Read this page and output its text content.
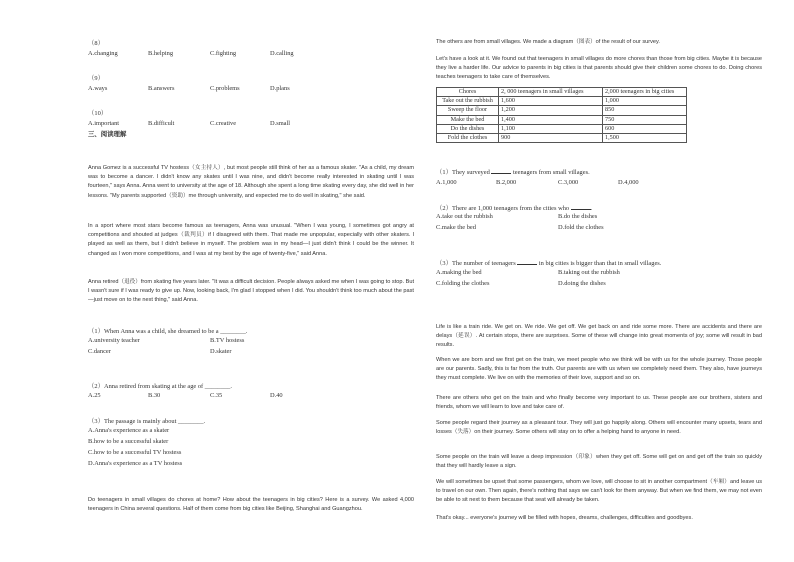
（8）
A.changing	B.helping	C.fighting	D.calling
（9）
A.ways	B.answers	C.problems	D.plans
（10）
A.important	B.difficult	C.creative	D.small
三、阅读理解
Anna Gomez is a successful TV hostess（女主持人）, but most people still think of her as a famous skater. "As a child, my dream was to become a dancer. I didn't know any skates until I was nine, and didn't become really interested in skating until I was fourteen," says Anna. Anna went to university at the age of 18. Although she spent a long time skating every day, she did well in her lessons. "My parents supported（资助）me through university, and expected me to do well in skating," she said.
In a sport where most stars become famous as teenagers, Anna was unusual. "When I was young, I sometimes got angry at competitions and shouted at judges（裁判员）if I disagreed with them. That made me unpopular, especially with other skaters. I played as well as them, but I didn't believe in myself. The problem was in my head—I just didn't think I could be the winner. It changed as I won more competitions, and I was at my best by the age of twenty-five," said Anna.
Anna retired（退役）from skating five years later. "It was a difficult decision. People always asked me when I was going to stop. But I wasn't sure if I was ready to give up. Now, looking back, I'm glad I stopped when I did. You shouldn't think too much about the past—just move on to the next thing," said Anna.
（1）When Anna was a child, she dreamed to be a ________.
A.university teacher	B.TV hostess
C.dancer	D.skater
（2）Anna retired from skating at the age of ________.
A.25	B.30	C.35	D.40
（3）The passage is mainly about ________.
A.Anna's experience as a skater
B.how to be a successful skater
C.how to be a successful TV hostess
D.Anna's experience as a TV hostess
Do teenagers in small villages do chores at home? How about the teenagers in big cities? Here is a survey. We asked 4,000 teenagers in China several questions. Half of them come from big cities like Beijing, Shanghai and Guangzhou.
The others are from small villages. We made a diagram（图表）of the result of our survey.
Let's have a look at it. We found out that teenagers in small villages do more chores than those from big cities. Maybe it is because they live a harder life. Our advice to parents in big cities is that parents should give their children some chores to do. Doing chores teaches teenagers to take care of themselves.
Chores	2, 000 teenagers in small villages	2,000 teenagers in big cities
Take out the rubbish	1,600	1,000
Sweep the floor	1,200	850
Make the bed	1,400	750
Do the dishes	1,100	600
Fold the clothes	900	1,500
（1）They surveyed	teenagers from small villages.
A.1,000	B.2,000	C.3,000	D.4,000
（2）There are 1,000 teenagers from the cities who	.
A.take out the rubbish	B.do the dishes
C.make the bed	D.fold the clothes
（3）The number of teenagers	in big cities is bigger than that in small villages.
A.making the bed	B.taking out the rubbish
C.folding the clothes	D.doing the dishes
Life is like a train ride. We get on. We ride. We get off. We get back on and ride some more. There are accidents and there are delays（延误）. At certain stops, there are surprises. Some of these will change into great moments of joy; some will result in bad results.
When we are born and we first get on the train, we meet people who we think will be with us for the whole journey. Those people are our parents. Sadly, this is far from the truth. Our parents are with us when we completely need them. They also, have journeys they must complete. We live on with the memories of their love, support and so on.
There are others who get on the train and who finally become very important to us. These people are our brothers, sisters and friends, whom we will learn to love and take care of.
Some people regard their journey as a pleasant tour. They will just go happily along. Others will encounter many upsets, tears and losses（失落）on their journey. Some others will stay on to offer a helping hand to anyone in need.
Some people on the train will leave a deep impression（印象）when they get off. Some will get on and get off the train so quickly that they will hardly leave a sign.
We will sometimes be upset that some passengers, whom we love, will choose to sit in another compartment（车厢）and leave us to travel on our own. Then again, there's nothing that says we can't look for them anyway. But when we find them, we may not even be able to sit next to them because that seat will already be taken.
That's okay... everyone's journey will be filled with hopes, dreams, challenges, difficulties and goodbyes.
